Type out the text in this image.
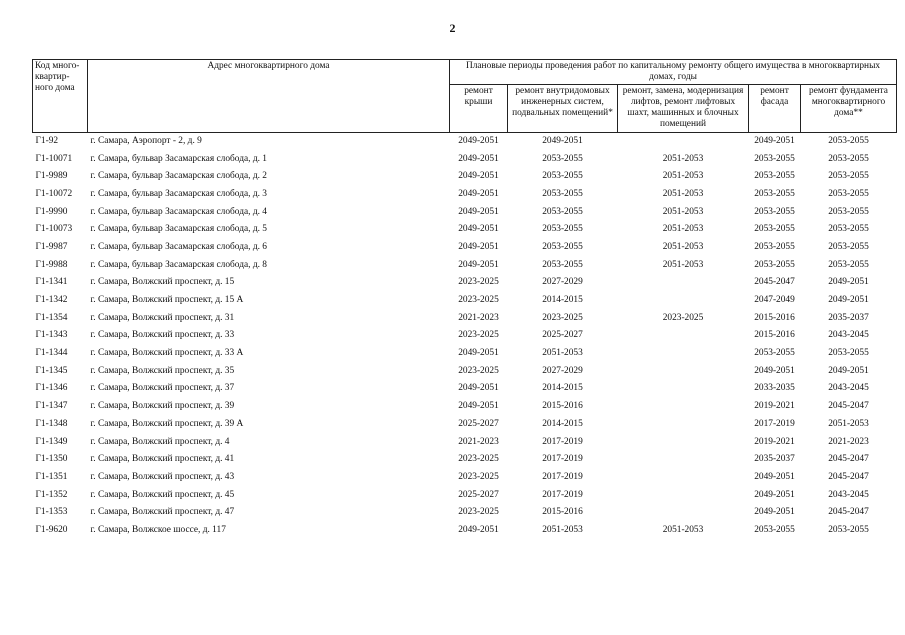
2
Код много-квартир-ного дома	Адрес многоквартирного дома	Плановые периоды проведения работ по капитальному ремонту общего имущества в многоквартирных домах, годы				
		ремонт крыши	ремонт внутридомовых инженерных систем, подвальных помещений*	ремонт, замена, модернизация лифтов, ремонт лифтовых шахт, машинных и блочных помещений	ремонт фасада	ремонт фундамента многоквартирного дома**
Г1-92	г. Самара, Аэропорт - 2, д. 9	2049-2051	2049-2051		2049-2051	2053-2055
Г1-10071	г. Самара, бульвар Засамарская слобода, д. 1	2049-2051	2053-2055	2051-2053	2053-2055	2053-2055
Г1-9989	г. Самара, бульвар Засамарская слобода, д. 2	2049-2051	2053-2055	2051-2053	2053-2055	2053-2055
Г1-10072	г. Самара, бульвар Засамарская слобода, д. 3	2049-2051	2053-2055	2051-2053	2053-2055	2053-2055
Г1-9990	г. Самара, бульвар Засамарская слобода, д. 4	2049-2051	2053-2055	2051-2053	2053-2055	2053-2055
Г1-10073	г. Самара, бульвар Засамарская слобода, д. 5	2049-2051	2053-2055	2051-2053	2053-2055	2053-2055
Г1-9987	г. Самара, бульвар Засамарская слобода, д. 6	2049-2051	2053-2055	2051-2053	2053-2055	2053-2055
Г1-9988	г. Самара, бульвар Засамарская слобода, д. 8	2049-2051	2053-2055	2051-2053	2053-2055	2053-2055
Г1-1341	г. Самара, Волжский проспект, д. 15	2023-2025	2027-2029		2045-2047	2049-2051
Г1-1342	г. Самара, Волжский проспект, д. 15 А	2023-2025	2014-2015		2047-2049	2049-2051
Г1-1354	г. Самара, Волжский проспект, д. 31	2021-2023	2023-2025	2023-2025	2015-2016	2035-2037
Г1-1343	г. Самара, Волжский проспект, д. 33	2023-2025	2025-2027		2015-2016	2043-2045
Г1-1344	г. Самара, Волжский проспект, д. 33 А	2049-2051	2051-2053		2053-2055	2053-2055
Г1-1345	г. Самара, Волжский проспект, д. 35	2023-2025	2027-2029		2049-2051	2049-2051
Г1-1346	г. Самара, Волжский проспект, д. 37	2049-2051	2014-2015		2033-2035	2043-2045
Г1-1347	г. Самара, Волжский проспект, д. 39	2049-2051	2015-2016		2019-2021	2045-2047
Г1-1348	г. Самара, Волжский проспект, д. 39 А	2025-2027	2014-2015		2017-2019	2051-2053
Г1-1349	г. Самара, Волжский проспект, д. 4	2021-2023	2017-2019		2019-2021	2021-2023
Г1-1350	г. Самара, Волжский проспект, д. 41	2023-2025	2017-2019		2035-2037	2045-2047
Г1-1351	г. Самара, Волжский проспект, д. 43	2023-2025	2017-2019		2049-2051	2045-2047
Г1-1352	г. Самара, Волжский проспект, д. 45	2025-2027	2017-2019		2049-2051	2043-2045
Г1-1353	г. Самара, Волжский проспект, д. 47	2023-2025	2015-2016		2049-2051	2045-2047
Г1-9620	г. Самара, Волжское шоссе, д. 117	2049-2051	2051-2053	2051-2053	2053-2055	2053-2055
